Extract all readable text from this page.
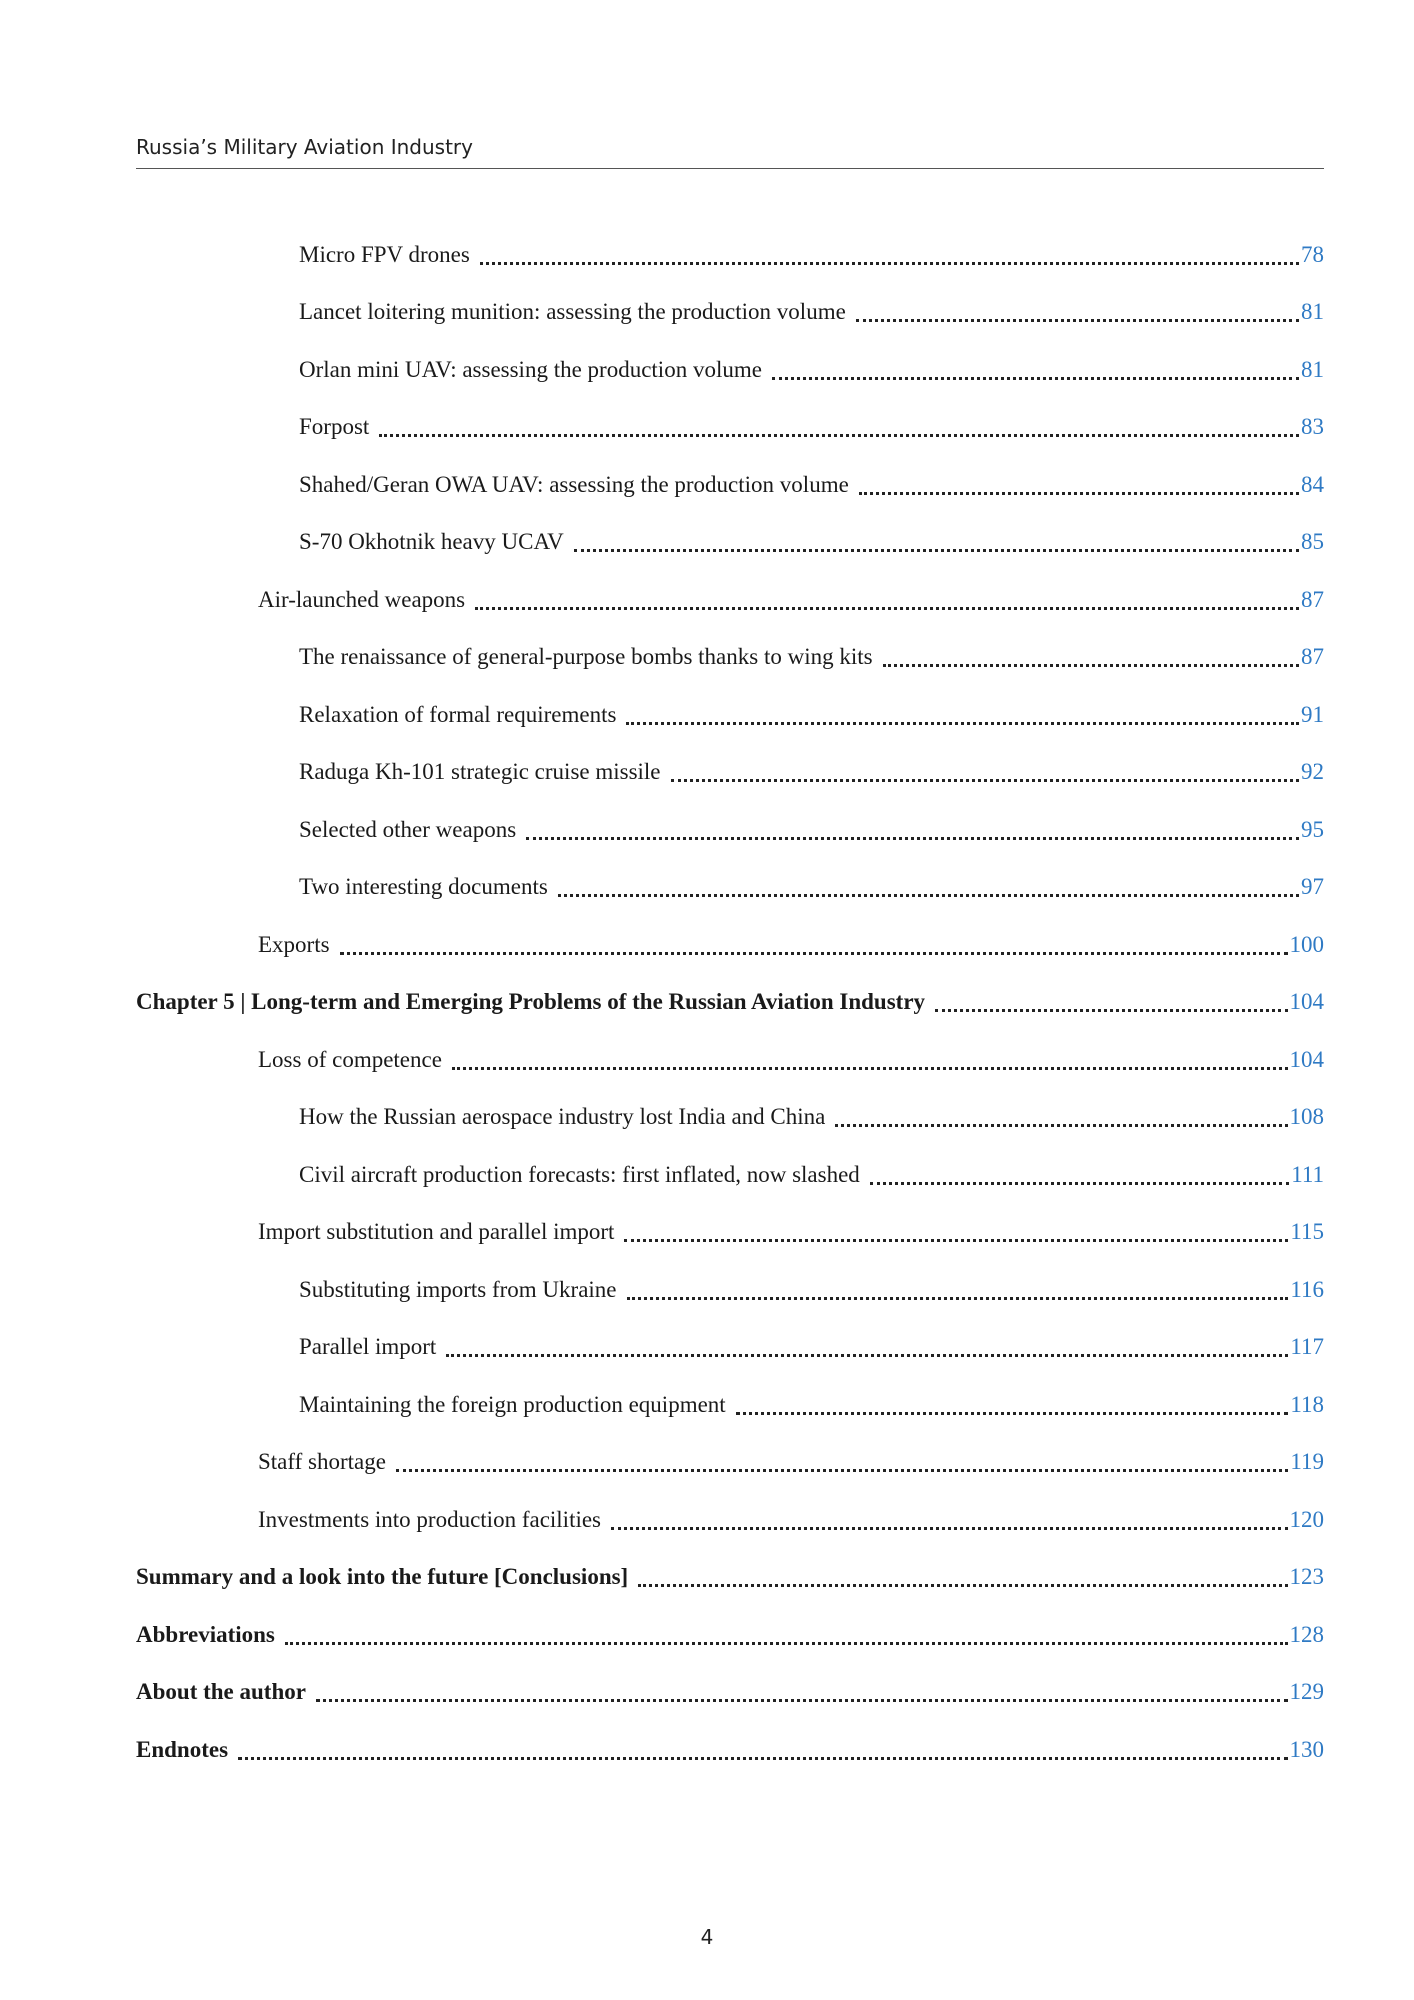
Russia’s Military Aviation Industry
Micro FPV drones	78
Lancet loitering munition: assessing the production volume	81
Orlan mini UAV: assessing the production volume	81
Forpost	83
Shahed/Geran OWA UAV: assessing the production volume	84
S-70 Okhotnik heavy UCAV	85
Air-launched weapons	87
The renaissance of general-purpose bombs thanks to wing kits	87
Relaxation of formal requirements	91
Raduga Kh-101 strategic cruise missile	92
Selected other weapons	95
Two interesting documents	97
Exports	100
Chapter 5 | Long-term and Emerging Problems of the Russian Aviation Industry	104
Loss of competence	104
How the Russian aerospace industry lost India and China	108
Civil aircraft production forecasts: first inflated, now slashed	111
Import substitution and parallel import	115
Substituting imports from Ukraine	116
Parallel import	117
Maintaining the foreign production equipment	118
Staff shortage	119
Investments into production facilities	120
Summary and a look into the future [Conclusions]	123
Abbreviations	128
About the author	129
Endnotes	130
4
